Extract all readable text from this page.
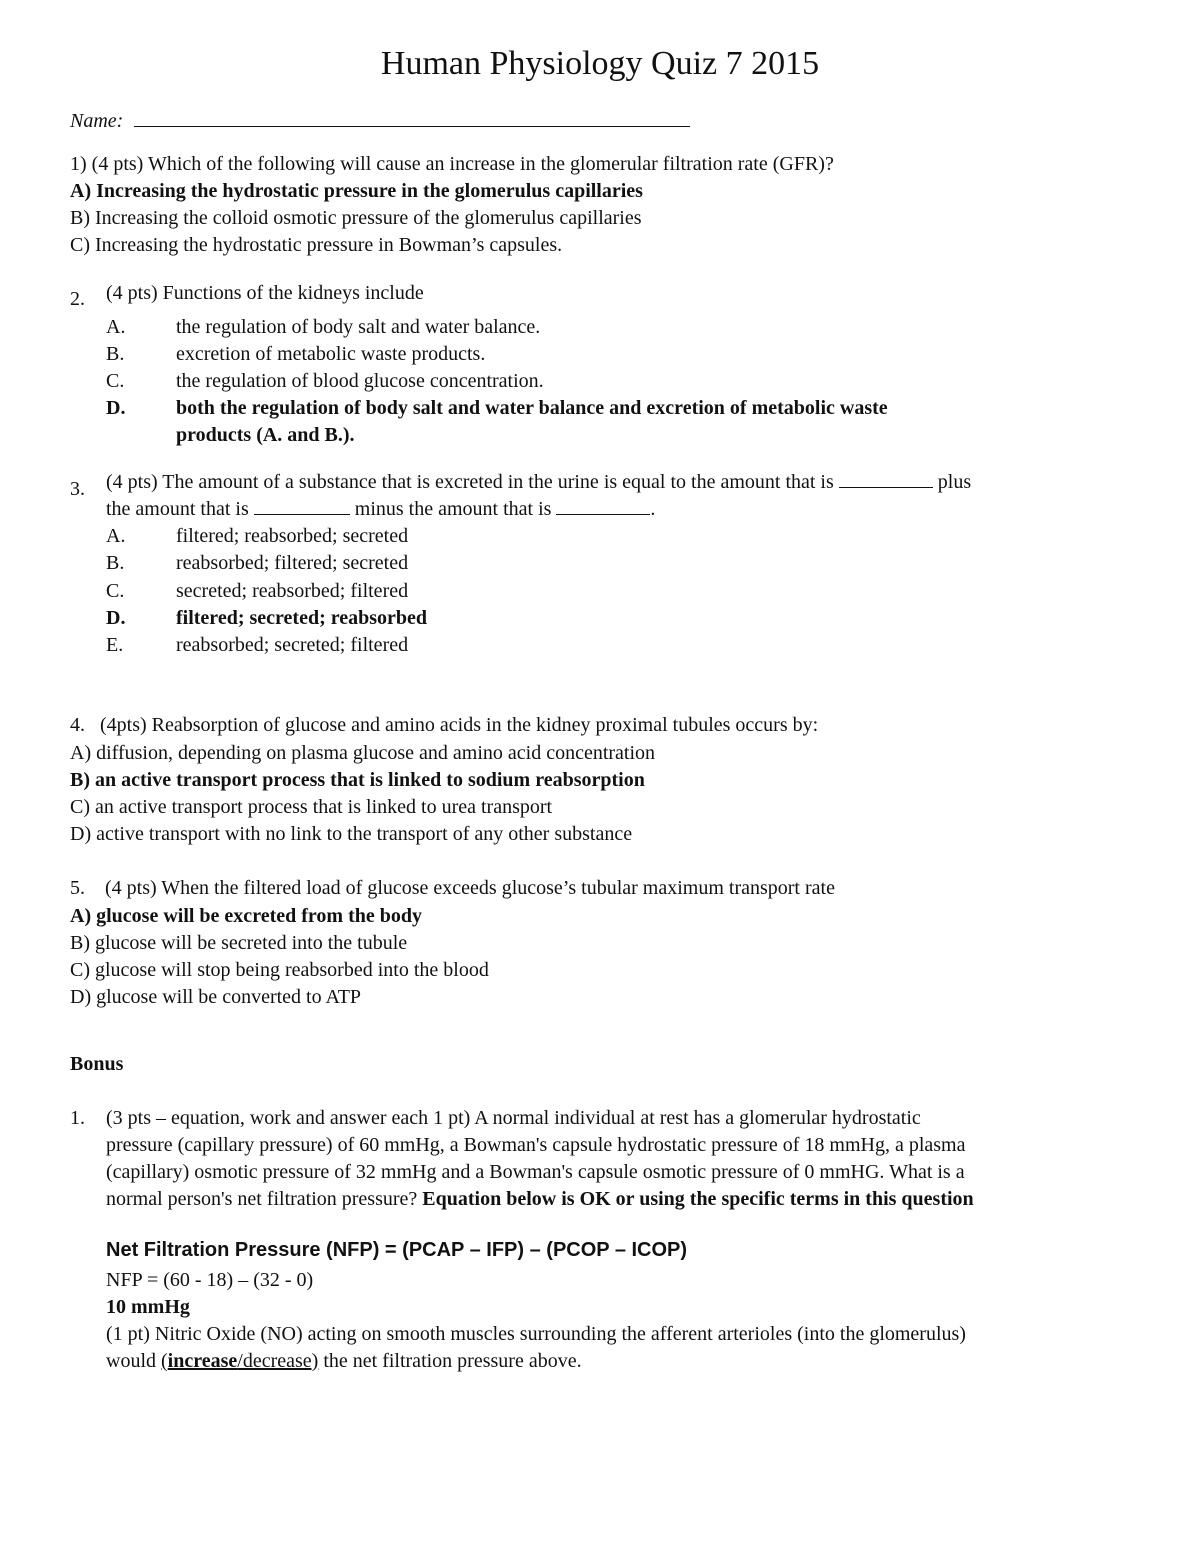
Human Physiology Quiz 7 2015
Name:
1) (4 pts) Which of the following will cause an increase in the glomerular filtration rate (GFR)?
A) Increasing the hydrostatic pressure in the glomerulus capillaries
B) Increasing the colloid osmotic pressure of the glomerulus capillaries
C) Increasing the hydrostatic pressure in Bowman’s capsules.
2. (4 pts) Functions of the kidneys include
A.	the regulation of body salt and water balance.
B.	excretion of metabolic waste products.
C.	the regulation of blood glucose concentration.
D.	both the regulation of body salt and water balance and excretion of metabolic waste
products (A. and B.).
3. (4 pts) The amount of a substance that is excreted in the urine is equal to the amount that is	plus
the amount that is	minus the amount that is	.
A.	filtered; reabsorbed; secreted
B.	reabsorbed; filtered; secreted
C.	secreted; reabsorbed; filtered
D.	filtered; secreted; reabsorbed
E.	reabsorbed; secreted; filtered
4.   (4pts) Reabsorption of glucose and amino acids in the kidney proximal tubules occurs by:
A) diffusion, depending on plasma glucose and amino acid concentration
B) an active transport process that is linked to sodium reabsorption
C) an active transport process that is linked to urea transport
D) active transport with no link to the transport of any other substance
5.    (4 pts) When the filtered load of glucose exceeds glucose’s tubular maximum transport rate
A) glucose will be excreted from the body
B) glucose will be secreted into the tubule
C) glucose will stop being reabsorbed into the blood
D) glucose will be converted to ATP
Bonus
1. (3 pts – equation, work and answer each 1 pt) A normal individual at rest has a glomerular hydrostatic
pressure (capillary pressure) of 60 mmHg, a Bowman's capsule hydrostatic pressure of 18 mmHg, a plasma
(capillary) osmotic pressure of 32 mmHg and a Bowman's capsule osmotic pressure of 0 mmHG. What is a
normal person's net filtration pressure? Equation below is OK or using the specific terms in this question
Net Filtration Pressure (NFP) = (PCAP – IFP) – (PCOP – ICOP)
NFP = (60 - 18) – (32 - 0)
10 mmHg
(1 pt) Nitric Oxide (NO) acting on smooth muscles surrounding the afferent arterioles (into the glomerulus)
would (increase/decrease) the net filtration pressure above.
